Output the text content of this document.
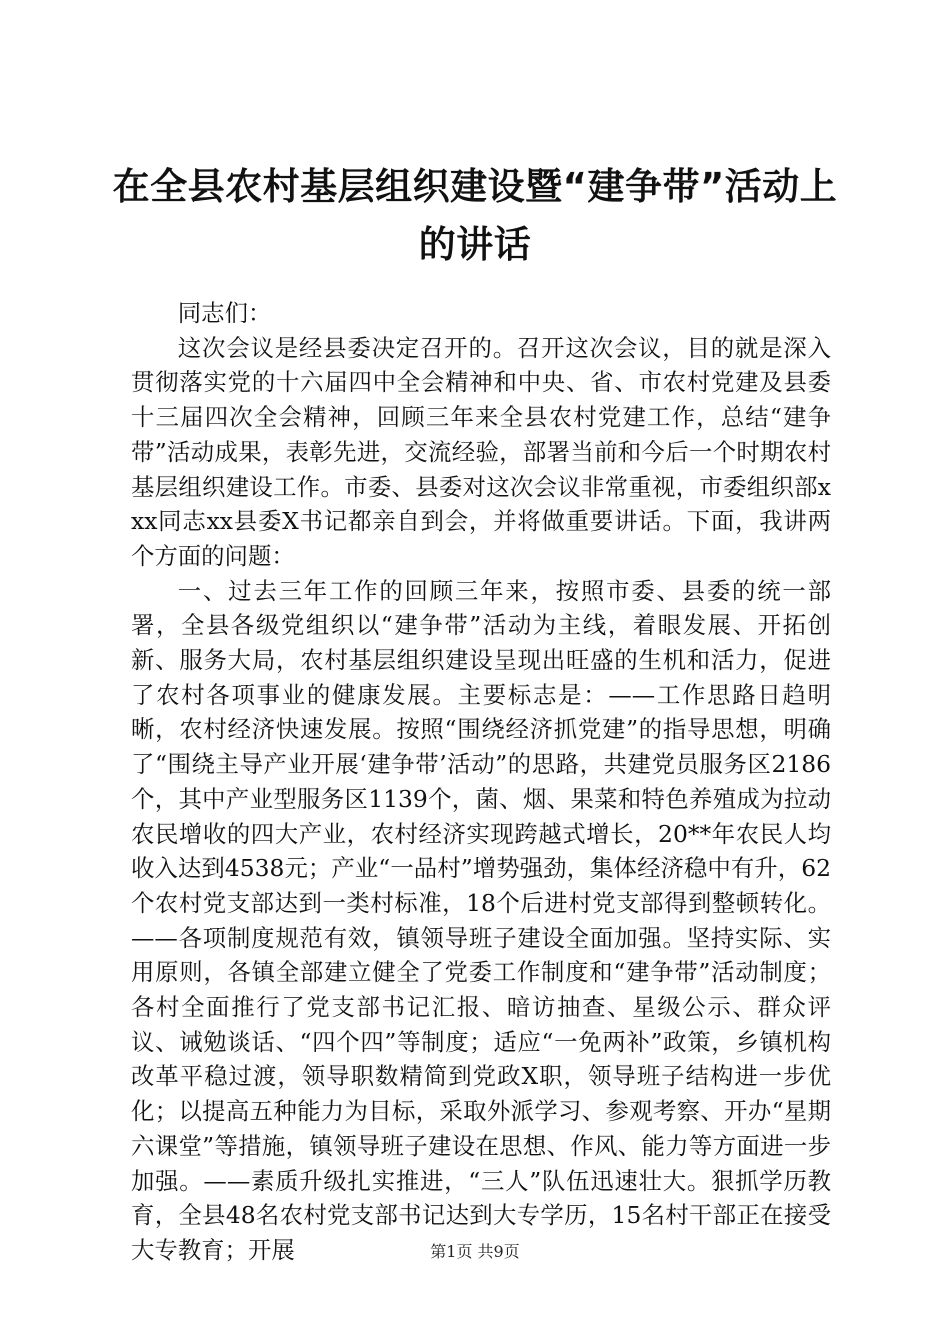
在全县农村基层组织建设暨“建争带”活动上的讲话

同志们：

这次会议是经县委决定召开的。召开这次会议，目的就是深入贯彻落实党的十六届四中全会精神和中央、省、市农村党建及县委十三届四次全会精神，回顾三年来全县农村党建工作，总结“建争带”活动成果，表彰先进，交流经验，部署当前和今后一个时期农村基层组织建设工作。市委、县委对这次会议非常重视，市委组织部xxx同志xx县委X书记都亲自到会，并将做重要讲话。下面，我讲两个方面的问题：

一、过去三年工作的回顾三年来，按照市委、县委的统一部署，全县各级党组织以“建争带”活动为主线，着眼发展、开拓创新、服务大局，农村基层组织建设呈现出旺盛的生机和活力，促进了农村各项事业的健康发展。主要标志是：——工作思路日趋明晰，农村经济快速发展。按照“围绕经济抓党建”的指导思想，明确了“围绕主导产业开展‘建争带’活动”的思路，共建党员服务区2186个，其中产业型服务区1139个，菌、烟、果菜和特色养殖成为拉动农民增收的四大产业，农村经济实现跨越式增长，20**年农民人均收入达到4538元；产业“一品村”增势强劲，集体经济稳中有升，62个农村党支部达到一类村标准，18个后进村党支部得到整顿转化。——各项制度规范有效，镇领导班子建设全面加强。坚持实际、实用原则，各镇全部建立健全了党委工作制度和“建争带”活动制度；各村全面推行了党支部书记汇报、暗访抽查、星级公示、群众评议、诫勉谈话、“四个四”等制度；适应“一免两补”政策，乡镇机构改革平稳过渡，领导职数精简到党政X职，领导班子结构进一步优化；以提高五种能力为目标，采取外派学习、参观考察、开办“星期六课堂”等措施，镇领导班子建设在思想、作风、能力等方面进一步加强。——素质升级扎实推进，“三人”队伍迅速壮大。狠抓学历教育，全县48名农村党支部书记达到大专学历，15名村干部正在接受大专教育；开展	第1页 共9页
